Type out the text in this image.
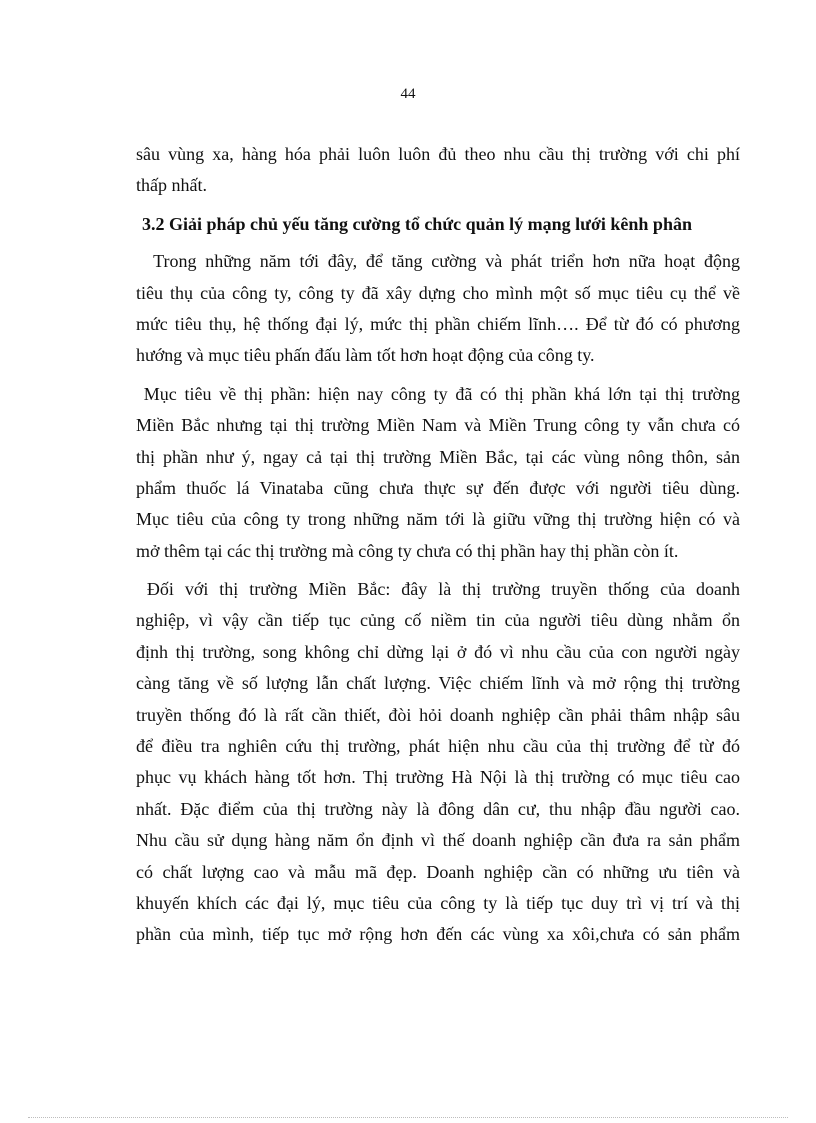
44
sâu vùng xa, hàng hóa phải luôn luôn đủ theo nhu cầu thị trường với chi phí
thấp nhất.
3.2 Giải pháp chủ yếu tăng cường tổ chức quản lý mạng lưới kênh phân
Trong những năm tới đây, để tăng cường và phát triển hơn nữa hoạt động
tiêu thụ của công ty, công ty đã xây dựng cho mình một số mục tiêu cụ thể về
mức tiêu thụ, hệ thống đại lý, mức thị phần chiếm lĩnh…. Để từ đó có phương
hướng và mục tiêu phấn đấu làm tốt hơn hoạt động của công ty.
Mục tiêu về thị phần: hiện nay công ty đã có thị phần khá lớn tại thị trường
Miền Bắc nhưng tại thị trường Miền Nam và Miền Trung công ty vẫn chưa có
thị phần như ý, ngay cả tại thị trường Miền Bắc, tại các vùng nông thôn, sản
phẩm thuốc lá Vinataba cũng chưa thực sự đến được với người tiêu dùng.
Mục tiêu của công ty trong những năm tới là giữu vững thị trường hiện có và
mở thêm tại các thị trường mà công ty chưa có thị phần hay thị phần còn ít.
Đối với thị trường Miền Bắc: đây là thị trường truyền thống của doanh
nghiệp, vì vậy cần tiếp tục củng cố niềm tin của người tiêu dùng nhằm ổn
định thị trường, song không chỉ dừng lại ở đó vì nhu cầu của con người ngày
càng tăng về số lượng lẫn chất lượng. Việc chiếm lĩnh và mở rộng thị trường
truyền thống đó là rất cần thiết, đòi hỏi doanh nghiệp cần phải thâm nhập sâu
để điều tra nghiên cứu thị trường, phát hiện nhu cầu của thị trường để từ đó
phục vụ khách hàng tốt hơn. Thị trường Hà Nội là thị trường có mục tiêu cao
nhất. Đặc điểm của thị trường này là đông dân cư, thu nhập đầu người cao.
Nhu cầu sử dụng hàng năm ổn định vì thế doanh nghiệp cần đưa ra sản phẩm
có chất lượng cao và mẫu mã đẹp. Doanh nghiệp cần có những ưu tiên và
khuyến khích các đại lý, mục tiêu của công ty là tiếp tục duy trì vị trí và thị
phần của mình, tiếp tục mở rộng hơn đến các vùng xa xôi,chưa có sản phẩm
